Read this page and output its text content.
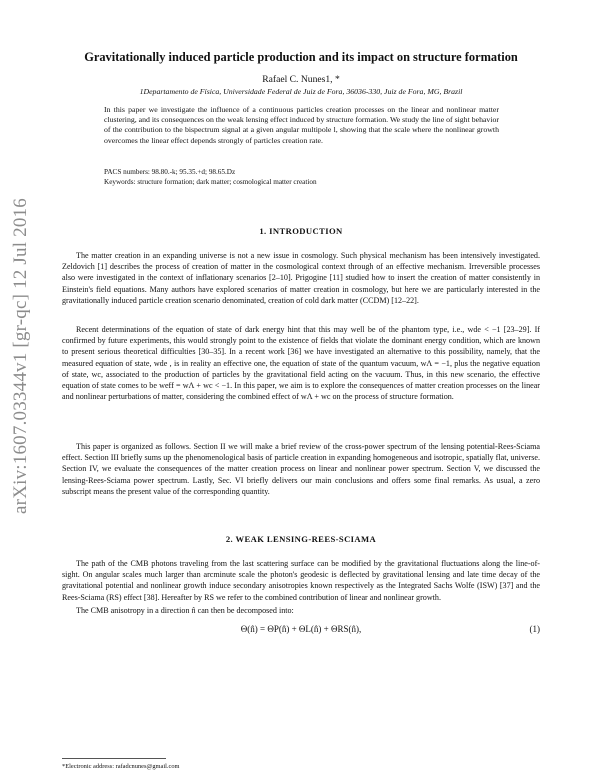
arXiv:1607.03344v1 [gr-qc] 12 Jul 2016
Gravitationally induced particle production and its impact on structure formation

Rafael C. Nunes1, *

1Departamento de Física, Universidade Federal de Juiz de Fora, 36036-330, Juiz de Fora, MG, Brazil

In this paper we investigate the influence of a continuous particles creation processes on the linear and nonlinear matter clustering, and its consequences on the weak lensing effect induced by structure formation. We study the line of sight behavior of the contribution to the bispectrum signal at a given angular multipole l, showing that the scale where the nonlinear growth overcomes the linear effect depends strongly of particles creation rate.

PACS numbers: 98.80.-k; 95.35.+d; 98.65.Dz
Keywords: structure formation; dark matter; cosmological matter creation
1. INTRODUCTION

The matter creation in an expanding universe is not a new issue in cosmology. Such physical mechanism has been intensively investigated. Zeldovich [1] describes the process of creation of matter in the cosmological context through of an effective mechanism. Irreversible processes also were investigated in the context of inflationary scenarios [2–10]. Prigogine [11] studied how to insert the creation of matter consistently in Einstein's field equations. Many authors have explored scenarios of matter creation in cosmology, but here we are particularly interested in the gravitationally induced particle creation scenario denominated, creation of cold dark matter (CCDM) [12–22].

Recent determinations of the equation of state of dark energy hint that this may well be of the phantom type, i.e., wde < −1 [23–29]. If confirmed by future experiments, this would strongly point to the existence of fields that violate the dominant energy condition, which are known to present serious theoretical difficulties [30–35]. In a recent work [36] we have investigated an alternative to this possibility, namely, that the measured equation of state, wde , is in reality an effective one, the equation of state of the quantum vacuum, wΛ = −1, plus the negative equation of state, wc, associated to the production of particles by the gravitational field acting on the vacuum. Thus, in this new scenario, the effective equation of state comes to be weff = wΛ + wc < −1. In this paper, we aim is to explore the consequences of matter creation processes on the linear and nonlinear perturbations of matter, considering the combined effect of wΛ + wc on the process of structure formation.

This paper is organized as follows. Section II we will make a brief review of the cross-power spectrum of the lensing potential-Rees-Sciama effect. Section III briefly sums up the phenomenological basis of particle creation in expanding homogeneous and isotropic, spatially flat, universe. Section IV, we evaluate the consequences of the matter creation process on linear and nonlinear power spectrum. Section V, we discussed the lensing-Rees-Sciama power spectrum. Lastly, Sec. VI briefly delivers our main conclusions and offers some final remarks. As usual, a zero subscript means the present value of the corresponding quantity.

2. WEAK LENSING-REES-SCIAMA

The path of the CMB photons traveling from the last scattering surface can be modified by the gravitational fluctuations along the line-of-sight. On angular scales much larger than arcminute scale the photon's geodesic is deflected by gravitational lensing and late time decay of the gravitational potential and nonlinear growth induce secondary anisotropies known respectively as the Integrated Sachs Wolfe (ISW) [37] and the Rees-Sciama (RS) effect [38]. Hereafter by RS we refer to the combined contribution of linear and nonlinear growth.

The CMB anisotropy in a direction n̂ can then be decomposed into:

Θ(n̂) = ΘP(n̂) + ΘL(n̂) + ΘRS(n̂),	(1)

*Electronic address: rafadcnunes@gmail.com
